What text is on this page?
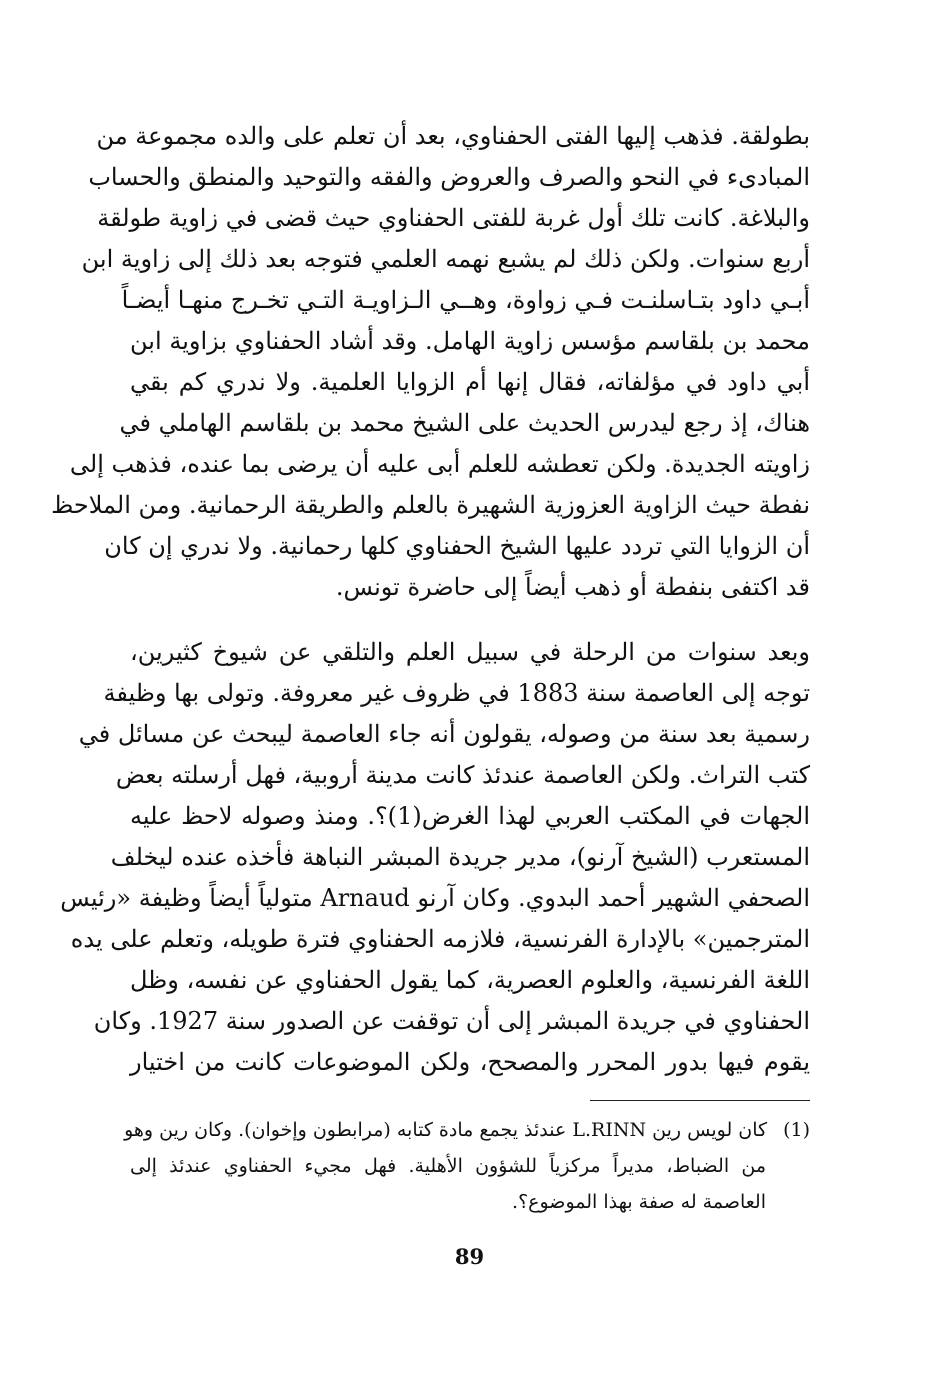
بطولقة. فذهب إليها الفتى الحفناوي، بعد أن تعلم على والده مجموعة من
المبادىء في النحو والصرف والعروض والفقه والتوحيد والمنطق والحساب
والبلاغة. كانت تلك أول غربة للفتى الحفناوي حيث قضى في زاوية طولقة
أربع سنوات. ولكن ذلك لم يشبع نهمه العلمي فتوجه بعد ذلك إلى زاوية ابن
أبـي داود بتـاسلنـت فـي زواوة، وهــي الـزاويـة التـي تخـرج منهـا أيضـاً
محمد بن بلقاسم مؤسس زاوية الهامل. وقد أشاد الحفناوي بزاوية ابن
أبي داود في مؤلفاته، فقال إنها أم الزوايا العلمية. ولا ندري كم بقي
هناك، إذ رجع ليدرس الحديث على الشيخ محمد بن بلقاسم الهاملي في
زاويته الجديدة. ولكن تعطشه للعلم أبى عليه أن يرضى بما عنده، فذهب إلى
نفطة حيث الزاوية العزوزية الشهيرة بالعلم والطريقة الرحمانية. ومن الملاحظ
أن الزوايا التي تردد عليها الشيخ الحفناوي كلها رحمانية. ولا ندري إن كان
قد اكتفى بنفطة أو ذهب أيضاً إلى حاضرة تونس.
وبعد سنوات من الرحلة في سبيل العلم والتلقي عن شيوخ كثيرين،
توجه إلى العاصمة سنة 1883 في ظروف غير معروفة. وتولى بها وظيفة
رسمية بعد سنة من وصوله، يقولون أنه جاء العاصمة ليبحث عن مسائل في
كتب التراث. ولكن العاصمة عندئذ كانت مدينة أروبية، فهل أرسلته بعض
الجهات في المكتب العربي لهذا الغرض(1)؟. ومنذ وصوله لاحظ عليه
المستعرب (الشيخ آرنو)، مدير جريدة المبشر النباهة فأخذه عنده ليخلف
الصحفي الشهير أحمد البدوي. وكان آرنو Arnaud متولياً أيضاً وظيفة «رئيس
المترجمين» بالإدارة الفرنسية، فلازمه الحفناوي فترة طويله، وتعلم على يده
اللغة الفرنسية، والعلوم العصرية، كما يقول الحفناوي عن نفسه، وظل
الحفناوي في جريدة المبشر إلى أن توقفت عن الصدور سنة 1927. وكان
يقوم فيها بدور المحرر والمصحح، ولكن الموضوعات كانت من اختيار
(1)كان لويس رين L.RINN عندئذ يجمع مادة كتابه (مرابطون وإخوان). وكان رين وهو
من الضباط، مديراً مركزياً للشؤون الأهلية. فهل مجيء الحفناوي عندئذ إلى
العاصمة له صفة بهذا الموضوع؟.
89
